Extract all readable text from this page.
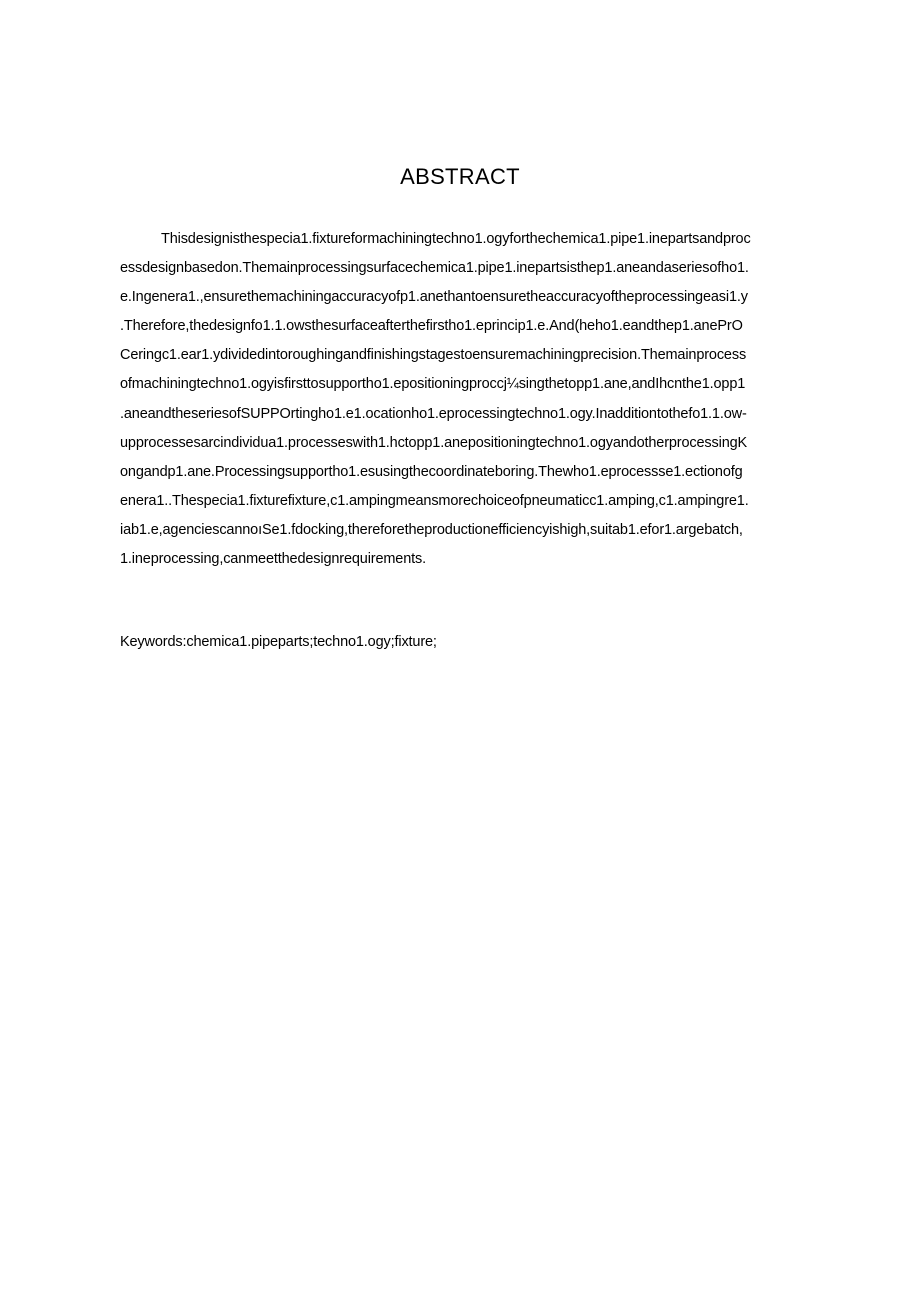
ABSTRACT
Thisdesignisthespecia1.fixtureformachiningtechno1.ogyforthechemica1.pipe1.inepartsandproc
essdesignbasedon.Themainprocessingsurfacechemica1.pipe1.inepartsisthep1.aneandaseriesofho1.
e.Ingenera1.,ensurethemachiningaccuracyofp1.anethantoensuretheaccuracyoftheprocessingeasi1.y
.Therefore,thedesignfo1.1.owsthesurfaceafterthefirstho1.eprincip1.e.And(heho1.eandthep1.anePrO
Ceringc1.ear1.ydividedintoroughingandfinishingstagestoensuremachiningprecision.Themainprocess
ofmachiningtechno1.ogyisfirsttosupportho1.epositioningproccj¼singthetopp1.ane,andIhcnthe1.opp1
.aneandtheseriesofSUPPOrtingho1.e1.ocationho1.eprocessingtechno1.ogy.Inadditiontothefo1.1.ow-
upprocessesarcindividua1.processeswith1.hctopp1.anepositioningtechno1.ogyandotherprocessingK
ongandp1.ane.Processingsupportho1.esusingthecoordinateboring.Thewho1.eprocessse1.ectionofg
enera1..Thespecia1.fixturefixture,c1.ampingmeansmorechoiceofpneumaticc1.amping,c1.ampingre1.
iab1.e,agenciescannoıSe1.fdocking,thereforetheproductionefficiencyishigh,suitab1.efor1.argebatch,
1.ineprocessing,canmeetthedesignrequirements.
Keywords:chemica1.pipeparts;techno1.ogy;fixture;
